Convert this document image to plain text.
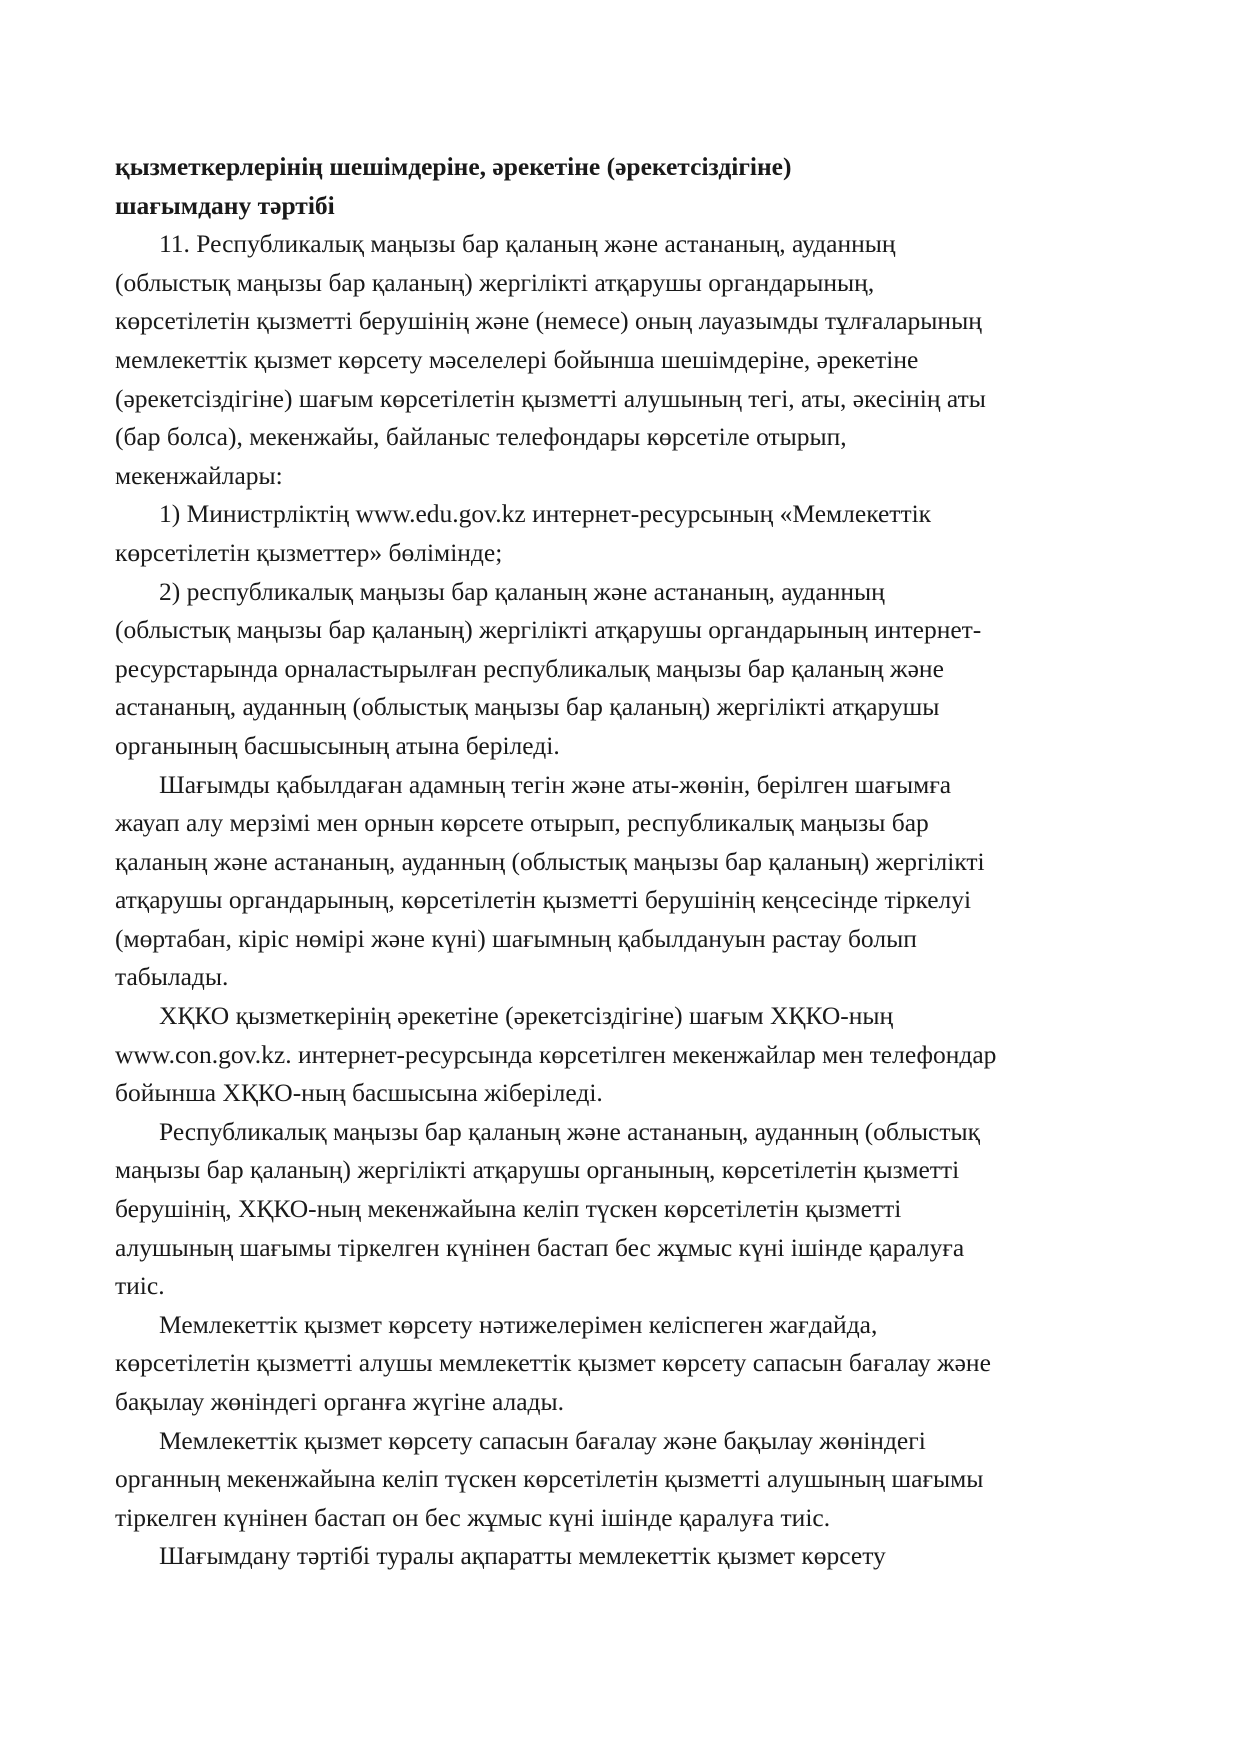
қызметкерлерінің шешімдеріне, әрекетіне (әрекетсіздігіне)
шағымдану тәртібі
11. Республикалық маңызы бар қаланың және астананың, ауданның
(облыстық маңызы бар қаланың) жергілікті атқарушы органдарының,
көрсетілетін қызметті берушінің және (немесе) оның лауазымды тұлғаларының
мемлекеттік қызмет көрсету мәселелері бойынша шешімдеріне, әрекетіне
(әрекетсіздігіне) шағым көрсетілетін қызметті алушының тегі, аты, әкесінің аты
(бар болса), мекенжайы, байланыс телефондары көрсетіле отырып,
мекенжайлары:
1) Министрліктің www.edu.gov.kz интернет-ресурсының «Мемлекеттік
көрсетілетін қызметтер» бөлімінде;
2) республикалық маңызы бар қаланың және астананың, ауданның
(облыстық маңызы бар қаланың) жергілікті атқарушы органдарының интернет-
ресурстарында орналастырылған республикалық маңызы бар қаланың және
астананың, ауданның (облыстық маңызы бар қаланың) жергілікті атқарушы
органының басшысының атына беріледі.
Шағымды қабылдаған адамның тегін және аты-жөнін, берілген шағымға
жауап алу мерзімі мен орнын көрсете отырып, республикалық маңызы бар
қаланың және астананың, ауданның (облыстық маңызы бар қаланың) жергілікті
атқарушы органдарының, көрсетілетін қызметті берушінің кеңсесінде тіркелуі
(мөртабан, кіріс нөмірі және күні) шағымның қабылдануын растау болып
табылады.
ХҚКО қызметкерінің әрекетіне (әрекетсіздігіне) шағым ХҚКО-ның
www.con.gov.kz. интернет-ресурсында көрсетілген мекенжайлар мен телефондар
бойынша ХҚКО-ның басшысына жіберіледі.
Республикалық маңызы бар қаланың және астананың, ауданның (облыстық
маңызы бар қаланың) жергілікті атқарушы органының, көрсетілетін қызметті
берушінің, ХҚКО-ның мекенжайына келіп түскен көрсетілетін қызметті
алушының шағымы тіркелген күнінен бастап бес жұмыс күні ішінде қаралуға
тиіс.
Мемлекеттік қызмет көрсету нәтижелерімен келіспеген жағдайда,
көрсетілетін қызметті алушы мемлекеттік қызмет көрсету сапасын бағалау және
бақылау жөніндегі органға жүгіне алады.
Мемлекеттік қызмет көрсету сапасын бағалау және бақылау жөніндегі
органның мекенжайына келіп түскен көрсетілетін қызметті алушының шағымы
тіркелген күнінен бастап он бес жұмыс күні ішінде қаралуға тиіс.
Шағымдану тәртібі туралы ақпаратты мемлекеттік қызмет көрсету
